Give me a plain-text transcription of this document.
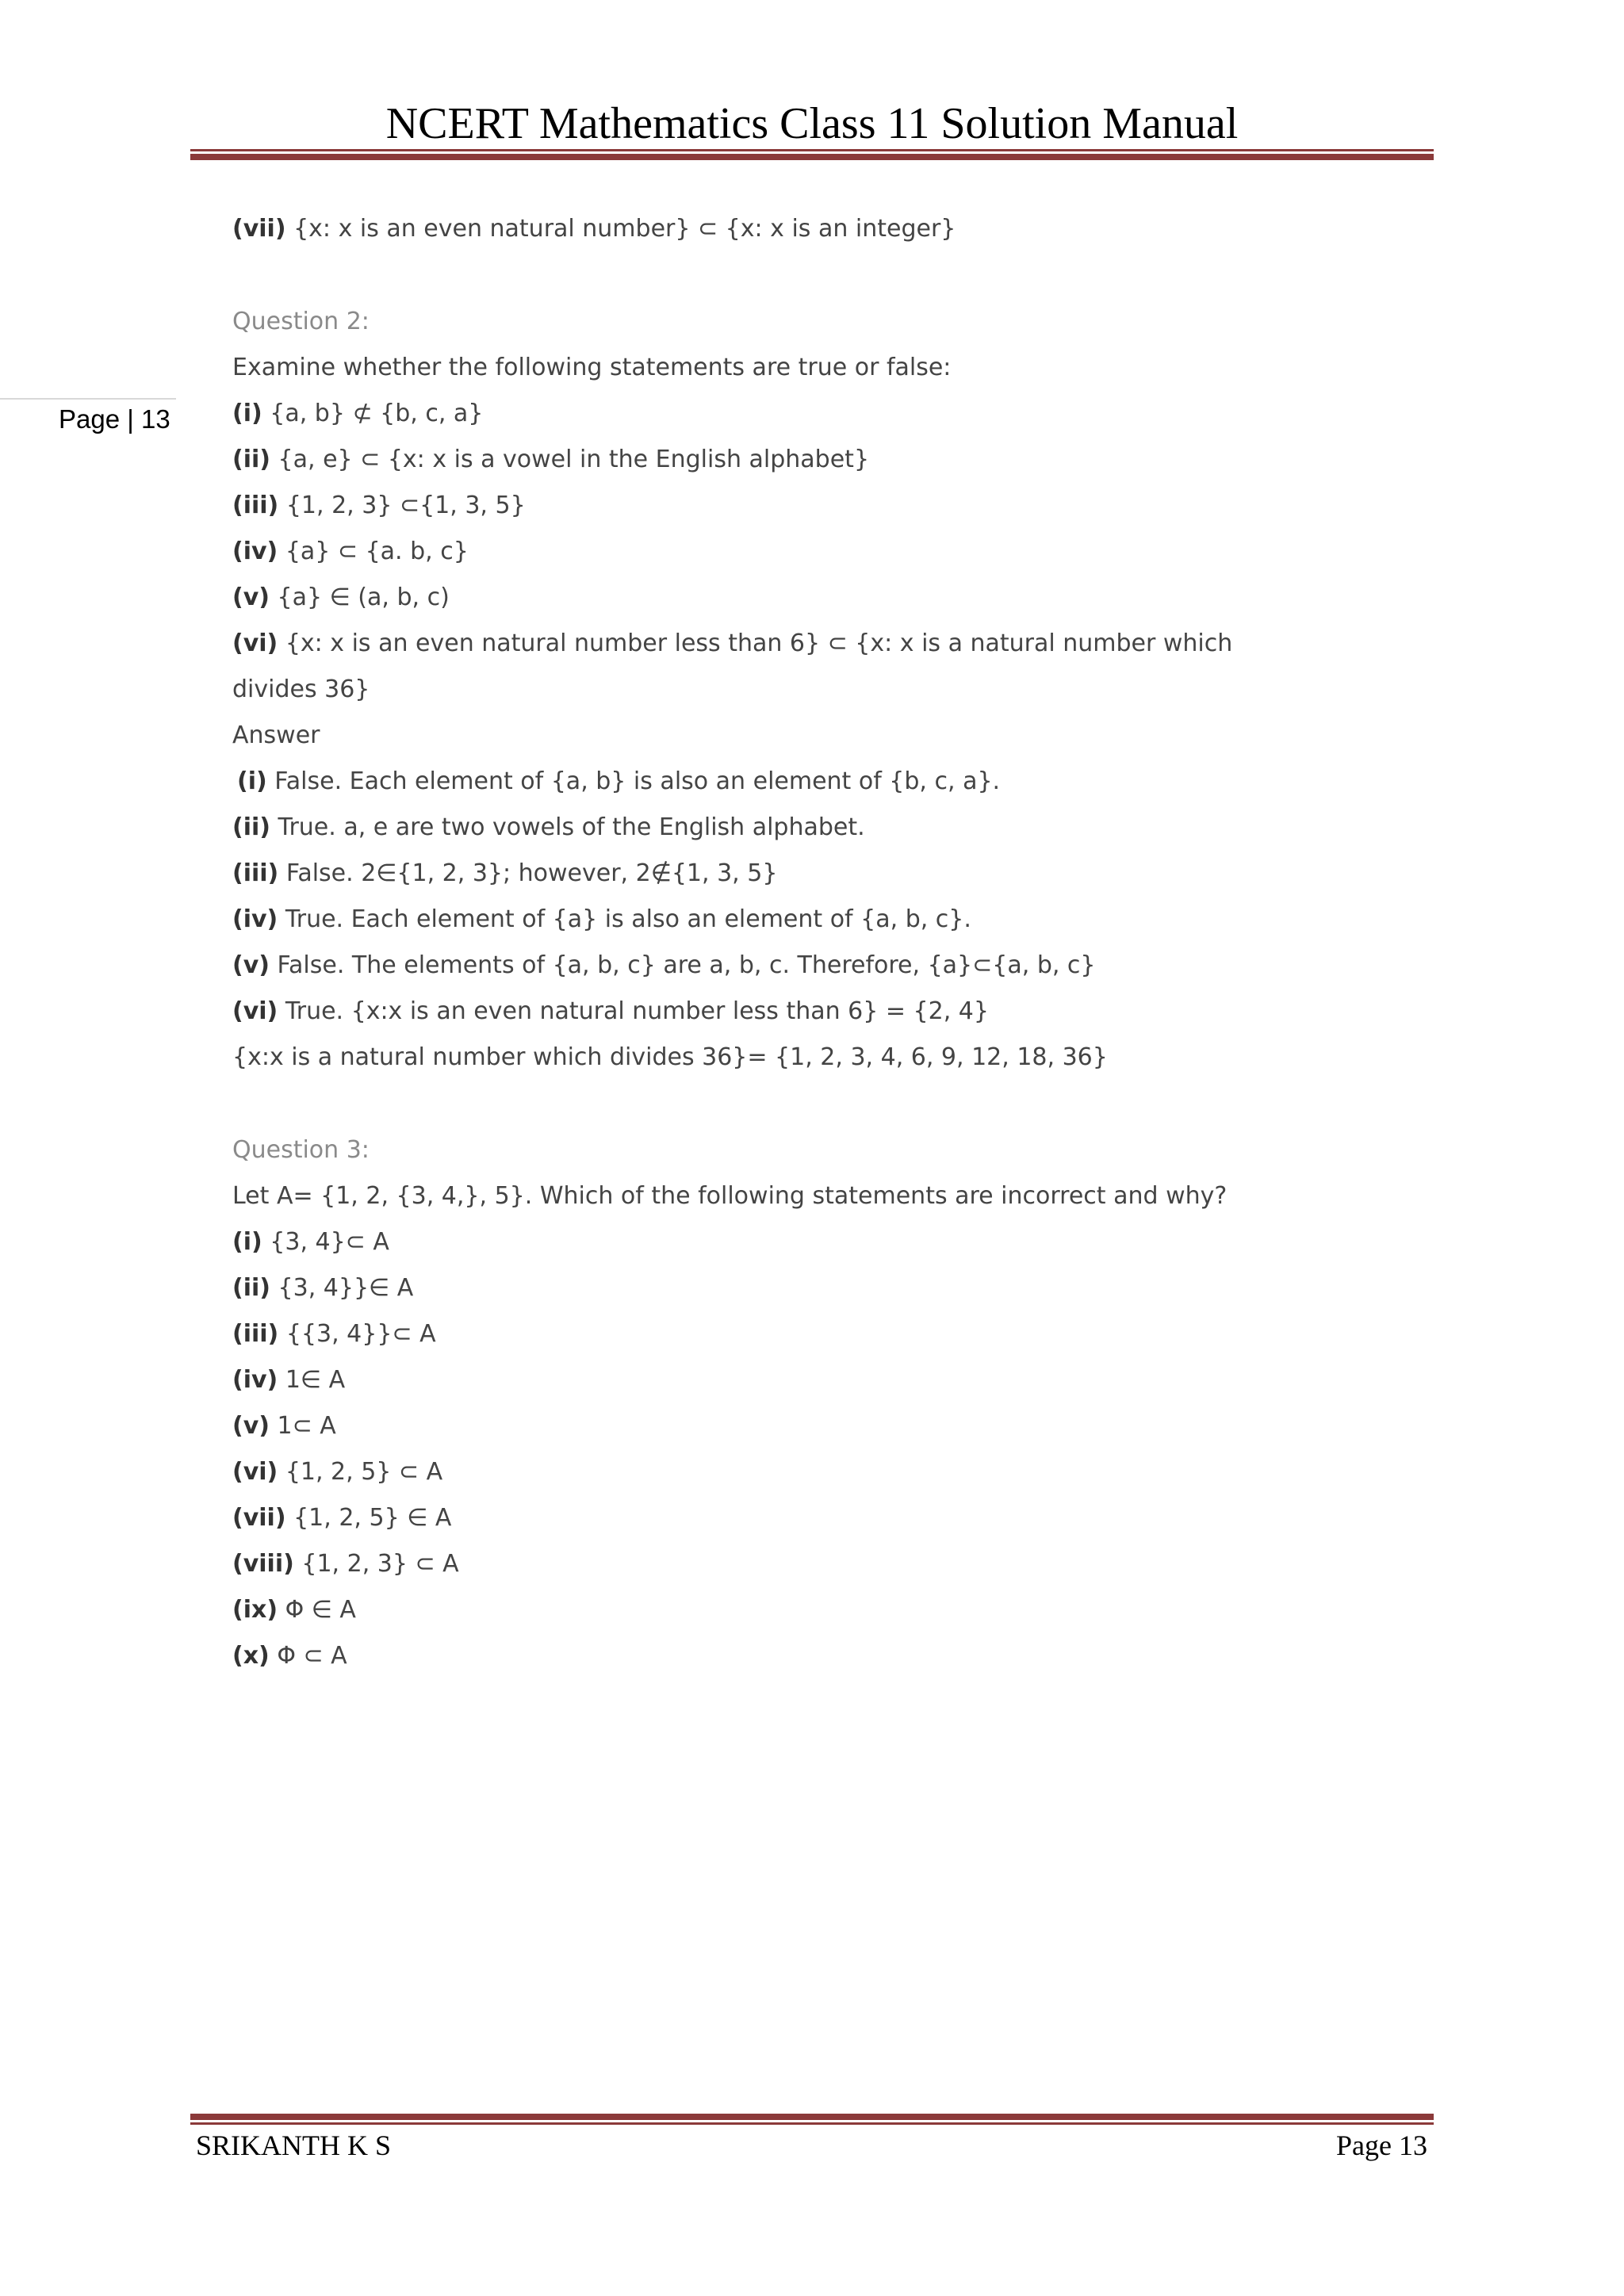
NCERT Mathematics Class 11 Solution Manual
Page | 13
(vii) {x: x is an even natural number} ⊂ {x: x is an integer}
Question 2:
Examine whether the following statements are true or false:
(i) {a, b} ⊄ {b, c, a}
(ii) {a, e} ⊂ {x: x is a vowel in the English alphabet}
(iii) {1, 2, 3} ⊂{1, 3, 5}
(iv) {a} ⊂ {a. b, c}
(v) {a} ∈ (a, b, c)
(vi) {x: x is an even natural number less than 6} ⊂ {x: x is a natural number which
divides 36}
Answer
(i) False. Each element of {a, b} is also an element of {b, c, a}.
(ii) True. a, e are two vowels of the English alphabet.
(iii) False. 2∈{1, 2, 3}; however, 2∉{1, 3, 5}
(iv) True. Each element of {a} is also an element of {a, b, c}.
(v) False. The elements of {a, b, c} are a, b, c. Therefore, {a}⊂{a, b, c}
(vi) True. {x:x is an even natural number less than 6} = {2, 4}
{x:x is a natural number which divides 36}= {1, 2, 3, 4, 6, 9, 12, 18, 36}
Question 3:
Let A= {1, 2, {3, 4,}, 5}. Which of the following statements are incorrect and why?
(i) {3, 4}⊂ A
(ii) {3, 4}}∈ A
(iii) {{3, 4}}⊂ A
(iv) 1∈ A
(v) 1⊂ A
(vi) {1, 2, 5} ⊂ A
(vii) {1, 2, 5} ∈ A
(viii) {1, 2, 3} ⊂ A
(ix) Φ ∈ A
(x) Φ ⊂ A
SRIKANTH K S	Page 13
